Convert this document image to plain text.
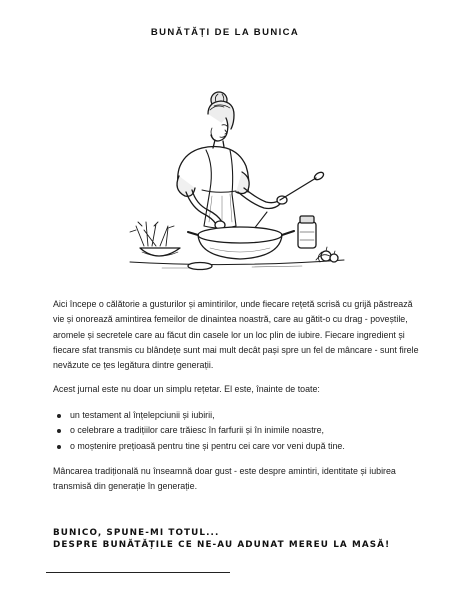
BUNĂTĂȚI DE LA BUNICA
Aici începe o călătorie a gusturilor și amintirilor, unde fiecare rețetă scrisă cu grijă păstrează vie și onorează amintirea femeilor de dinaintea noastră, care au gătit-o cu drag - poveștile, aromele și secretele care au făcut din casele lor un loc plin de iubire. Fiecare ingredient și fiecare sfat transmis cu blândețe sunt mai mult decât pași spre un fel de mâncare - sunt firele nevăzute ce țes legătura dintre generații.
Acest jurnal este nu doar un simplu rețetar. El este, înainte de toate:
un testament al înțelepciunii și iubirii,
o celebrare a tradițiilor care trăiesc în farfurii și în inimile noastre,
o moștenire prețioasă pentru tine și pentru cei care vor veni după tine.
Mâncarea tradițională nu înseamnă doar gust - este despre amintiri, identitate și iubirea transmisă din generație în generație.
BUNICO, SPUNE-MI TOTUL...
DESPRE BUNĂTĂȚILE CE NE-AU ADUNAT MEREU LA MASĂ!
